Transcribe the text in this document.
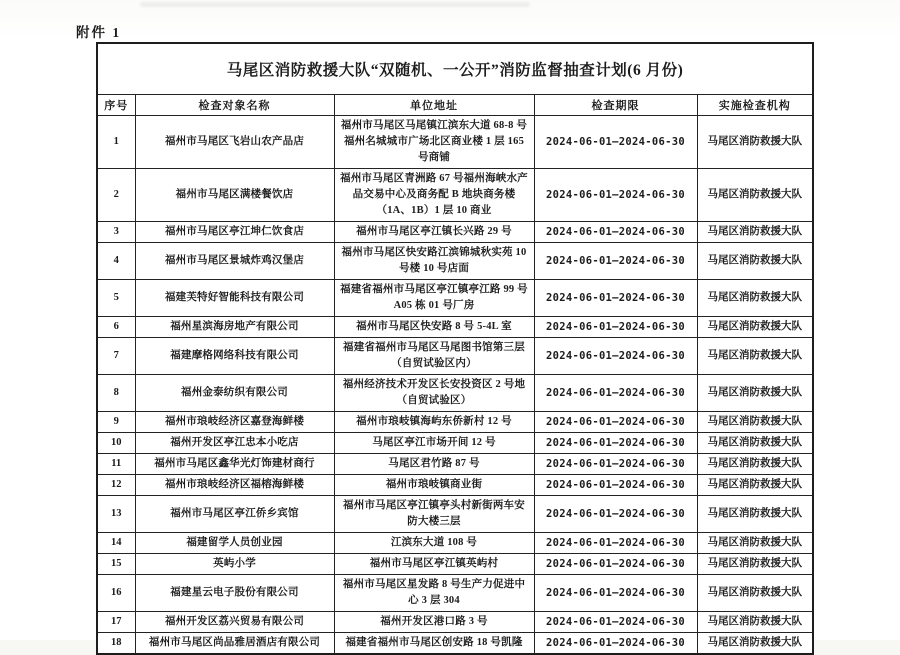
附件 1
马尾区消防救援大队“双随机、一公开”消防监督抽查计划(6 月份)				
序号	检查对象名称	单位地址	检查期限	实施检查机构
1	福州市马尾区飞岩山农产品店	福州市马尾区马尾镇江滨东大道 68-8 号福州名城城市广场北区商业楼 1 层 165 号商铺	2024-06-01—2024-06-30	马尾区消防救援大队
2	福州市马尾区满楼餐饮店	福州市马尾区青洲路 67 号福州海峡水产品交易中心及商务配 B 地块商务楼（1A、1B）1 层 10 商业	2024-06-01—2024-06-30	马尾区消防救援大队
3	福州市马尾区亭江坤仁饮食店	福州市马尾区亭江镇长兴路 29 号	2024-06-01—2024-06-30	马尾区消防救援大队
4	福州市马尾区景城炸鸡汉堡店	福州市马尾区快安路江滨锦城秋实苑 10 号楼 10 号店面	2024-06-01—2024-06-30	马尾区消防救援大队
5	福建芙特好智能科技有限公司	福建省福州市马尾区亭江镇亭江路 99 号 A05 栋 01 号厂房	2024-06-01—2024-06-30	马尾区消防救援大队
6	福州星滨海房地产有限公司	福州市马尾区快安路 8 号 5-4L 室	2024-06-01—2024-06-30	马尾区消防救援大队
7	福建摩格网络科技有限公司	福建省福州市马尾区马尾图书馆第三层（自贸试验区内）	2024-06-01—2024-06-30	马尾区消防救援大队
8	福州金泰纺织有限公司	福州经济技术开发区长安投资区 2 号地（自贸试验区）	2024-06-01—2024-06-30	马尾区消防救援大队
9	福州市琅岐经济区嘉登海鲜楼	福州市琅岐镇海屿东侨新村 12 号	2024-06-01—2024-06-30	马尾区消防救援大队
10	福州开发区亭江忠本小吃店	马尾区亭江市场开间 12 号	2024-06-01—2024-06-30	马尾区消防救援大队
11	福州市马尾区鑫华光灯饰建材商行	马尾区君竹路 87 号	2024-06-01—2024-06-30	马尾区消防救援大队
12	福州市琅岐经济区福榕海鲜楼	福州市琅岐镇商业街	2024-06-01—2024-06-30	马尾区消防救援大队
13	福州市马尾区亭江侨乡宾馆	福州市马尾区亭江镇亭头村新街两车安防大楼三层	2024-06-01—2024-06-30	马尾区消防救援大队
14	福建留学人员创业园	江滨东大道 108 号	2024-06-01—2024-06-30	马尾区消防救援大队
15	英屿小学	福州市马尾区亭江镇英屿村	2024-06-01—2024-06-30	马尾区消防救援大队
16	福建星云电子股份有限公司	福州市马尾区星发路 8 号生产力促进中心 3 层 304	2024-06-01—2024-06-30	马尾区消防救援大队
17	福州开发区荔兴贸易有限公司	福州开发区港口路 3 号	2024-06-01—2024-06-30	马尾区消防救援大队
18	福州市马尾区尚品雅居酒店有限公司	福建省福州市马尾区创安路 18 号凯隆	2024-06-01—2024-06-30	马尾区消防救援大队
